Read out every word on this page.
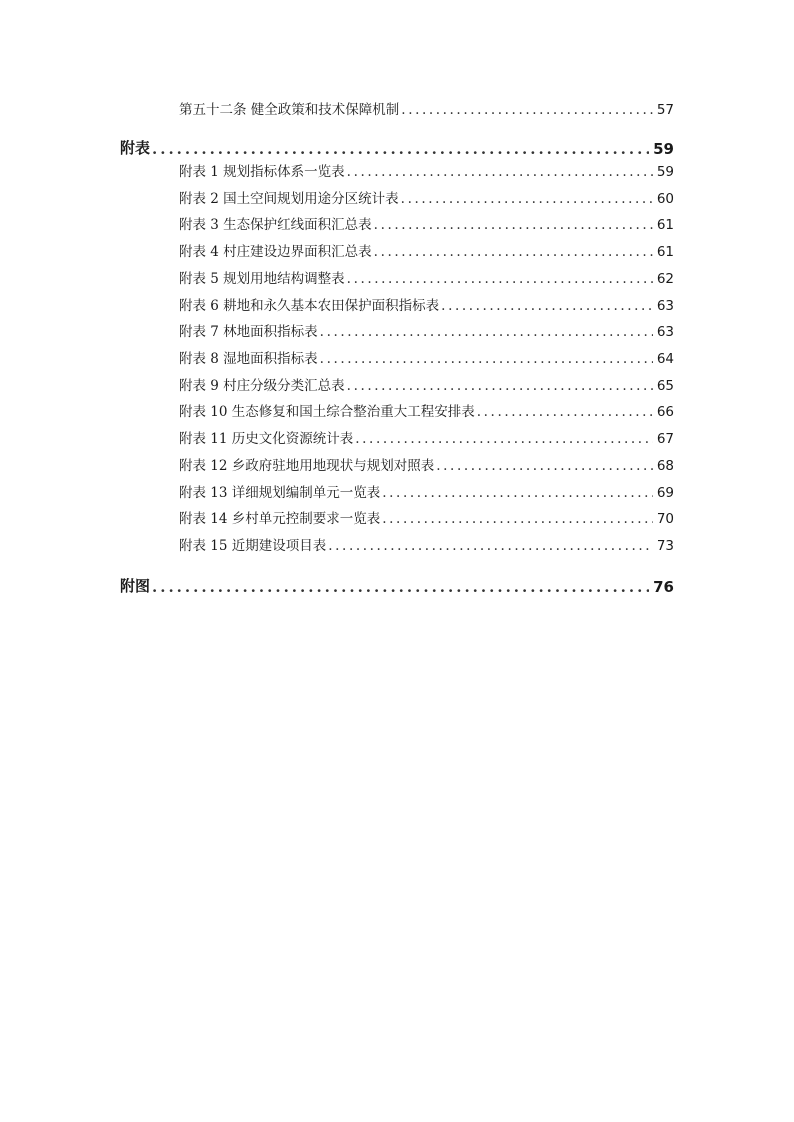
第五十二条 健全政策和技术保障机制 .....	57
附表 .....	59
附表 1 规划指标体系一览表 .....	59
附表 2 国土空间规划用途分区统计表 .....	60
附表 3 生态保护红线面积汇总表 .....	61
附表 4 村庄建设边界面积汇总表 .....	61
附表 5 规划用地结构调整表 .....	62
附表 6 耕地和永久基本农田保护面积指标表 .....	63
附表 7 林地面积指标表 .....	63
附表 8 湿地面积指标表 .....	64
附表 9 村庄分级分类汇总表 .....	65
附表 10 生态修复和国土综合整治重大工程安排表 .....	66
附表 11 历史文化资源统计表 .....	67
附表 12 乡政府驻地用地现状与规划对照表 .....	68
附表 13 详细规划编制单元一览表 .....	69
附表 14 乡村单元控制要求一览表 .....	70
附表 15 近期建设项目表 .....	73
附图 .....	76
